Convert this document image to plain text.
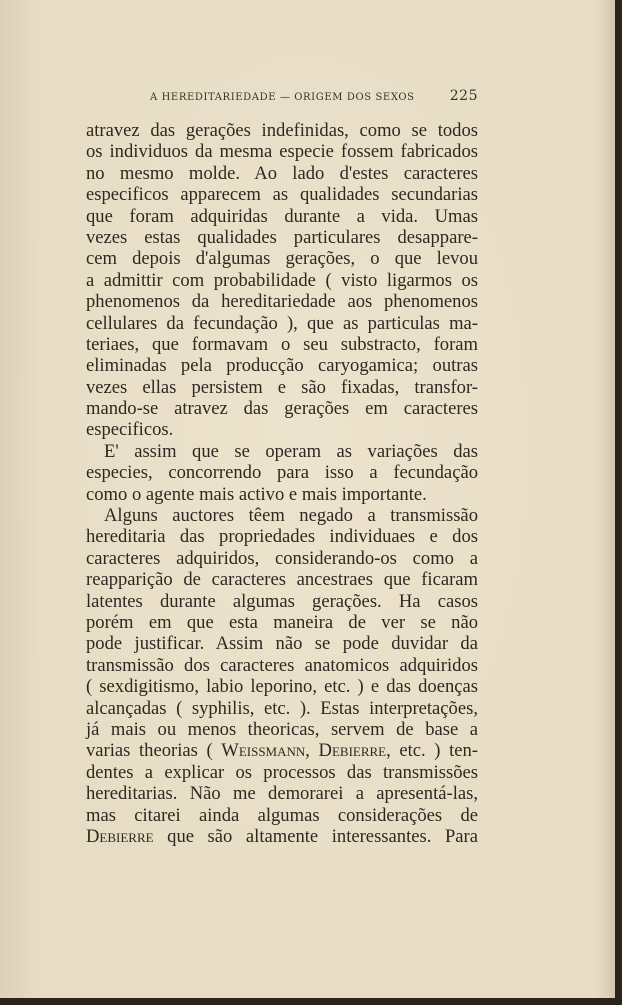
A HEREDITARIEDADE — ORIGEM DOS SEXOS	225
atravez das gerações indefinidas, como se todos
os individuos da mesma especie fossem fabricados
no mesmo molde. Ao lado d'estes caracteres
especificos apparecem as qualidades secundarias
que foram adquiridas durante a vida. Umas
vezes estas qualidades particulares desappare-
cem depois d'algumas gerações, o que levou
a admittir com probabilidade ( visto ligarmos os
phenomenos da hereditariedade aos phenomenos
cellulares da fecundação ), que as particulas ma-
teriaes, que formavam o seu substracto, foram
eliminadas pela producção caryogamica; outras
vezes ellas persistem e são fixadas, transfor-
mando-se atravez das gerações em caracteres
especificos.
E' assim que se operam as variações das
especies, concorrendo para isso a fecundação
como o agente mais activo e mais importante.
Alguns auctores têem negado a transmissão
hereditaria das propriedades individuaes e dos
caracteres adquiridos, considerando-os como a
reapparição de caracteres ancestraes que ficaram
latentes durante algumas gerações. Ha casos
porém em que esta maneira de ver se não
pode justificar. Assim não se pode duvidar da
transmissão dos caracteres anatomicos adquiridos
( sexdigitismo, labio leporino, etc. ) e das doenças
alcançadas ( syphilis, etc. ). Estas interpretações,
já mais ou menos theoricas, servem de base a
varias theorias ( Weissmann, Debierre, etc. ) ten-
dentes a explicar os processos das transmissões
hereditarias. Não me demorarei a apresentá-las,
mas citarei ainda algumas considerações de
Debierre que são altamente interessantes. Para
